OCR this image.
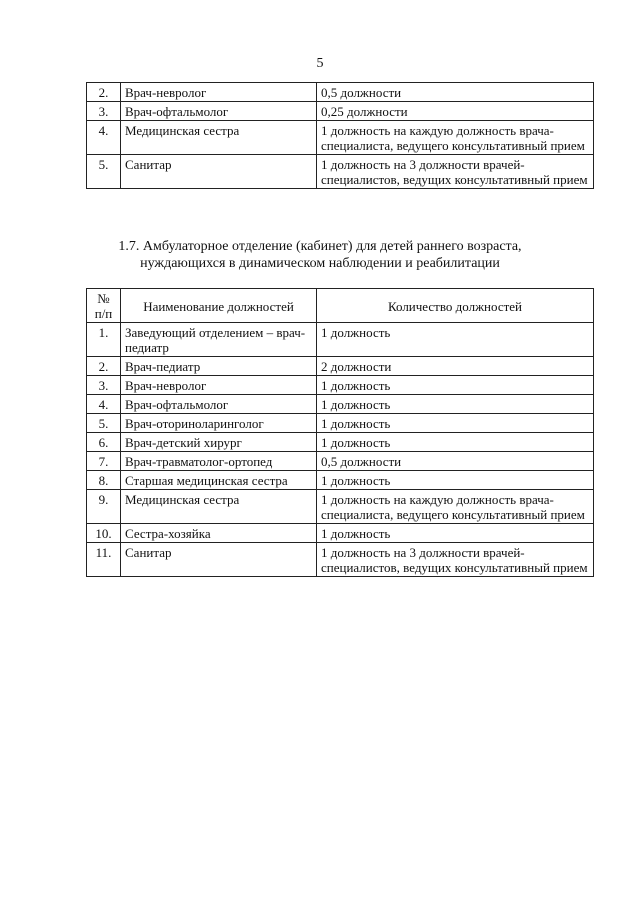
5
2.	Врач-невролог	0,5 должности
3.	Врач-офтальмолог	0,25 должности
4.	Медицинская сестра	1 должность на каждую должность врача-специалиста, ведущего консультативный прием
5.	Санитар	1 должность на 3 должности врачей-специалистов, ведущих консультативный прием
1.7. Амбулаторное отделение (кабинет) для детей раннего возраста,
нуждающихся в динамическом наблюдении и реабилитации
№ п/п	Наименование должностей	Количество должностей
1.	Заведующий отделением – врач-педиатр	1 должность
2.	Врач-педиатр	2 должности
3.	Врач-невролог	1 должность
4.	Врач-офтальмолог	1 должность
5.	Врач-оториноларинголог	1 должность
6.	Врач-детский хирург	1 должность
7.	Врач-травматолог-ортопед	0,5 должности
8.	Старшая медицинская сестра	1 должность
9.	Медицинская сестра	1 должность на каждую должность врача-специалиста, ведущего консультативный прием
10.	Сестра-хозяйка	1 должность
11.	Санитар	1 должность на 3 должности врачей-специалистов, ведущих консультативный прием
